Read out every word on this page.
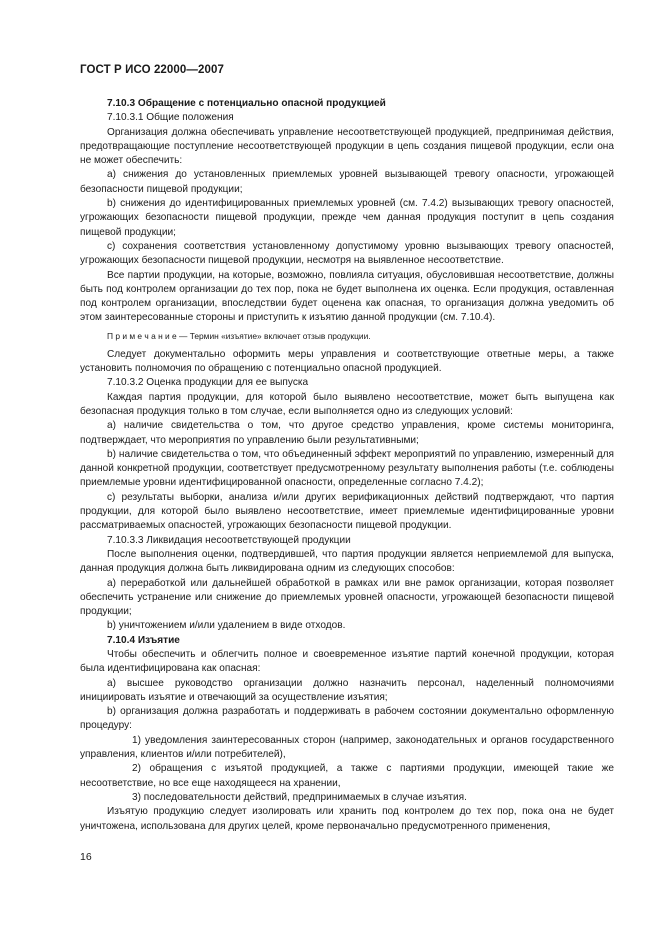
ГОСТ Р ИСО 22000—2007

7.10.3 Обращение с потенциально опасной продукцией

7.10.3.1 Общие положения

Организация должна обеспечивать управление несоответствующей продукцией, предпринимая действия, предотвращающие поступление несоответствующей продукции в цепь создания пищевой продукции, если она не может обеспечить:

a) снижения до установленных приемлемых уровней вызывающей тревогу опасности, угрожающей безопасности пищевой продукции;

b) снижения до идентифицированных приемлемых уровней (см. 7.4.2) вызывающих тревогу опасностей, угрожающих безопасности пищевой продукции, прежде чем данная продукция поступит в цепь создания пищевой продукции;

c) сохранения соответствия установленному допустимому уровню вызывающих тревогу опасностей, угрожающих безопасности пищевой продукции, несмотря на выявленное несоответствие.

Все партии продукции, на которые, возможно, повлияла ситуация, обусловившая несоответствие, должны быть под контролем организации до тех пор, пока не будет выполнена их оценка. Если продукция, оставленная под контролем организации, впоследствии будет оценена как опасная, то организация должна уведомить об этом заинтересованные стороны и приступить к изъятию данной продукции (см. 7.10.4).

П р и м е ч а н и е — Термин «изъятие» включает отзыв продукции.

Следует документально оформить меры управления и соответствующие ответные меры, а также установить полномочия по обращению с потенциально опасной продукцией.

7.10.3.2 Оценка продукции для ее выпуска

Каждая партия продукции, для которой было выявлено несоответствие, может быть выпущена как безопасная продукция только в том случае, если выполняется одно из следующих условий:

a) наличие свидетельства о том, что другое средство управления, кроме системы мониторинга, подтверждает, что мероприятия по управлению были результативными;

b) наличие свидетельства о том, что объединенный эффект мероприятий по управлению, измеренный для данной конкретной продукции, соответствует предусмотренному результату выполнения работы (т.е. соблюдены приемлемые уровни идентифицированной опасности, определенные согласно 7.4.2);

c) результаты выборки, анализа и/или других верификационных действий подтверждают, что партия продукции, для которой было выявлено несоответствие, имеет приемлемые идентифицированные уровни рассматриваемых опасностей, угрожающих безопасности пищевой продукции.

7.10.3.3 Ликвидация несоответствующей продукции

После выполнения оценки, подтвердившей, что партия продукции является неприемлемой для выпуска, данная продукция должна быть ликвидирована одним из следующих способов:

a) переработкой или дальнейшей обработкой в рамках или вне рамок организации, которая позволяет обеспечить устранение или снижение до приемлемых уровней опасности, угрожающей безопасности пищевой продукции;

b) уничтожением и/или удалением в виде отходов.

7.10.4 Изъятие

Чтобы обеспечить и облегчить полное и своевременное изъятие партий конечной продукции, которая была идентифицирована как опасная:

a) высшее руководство организации должно назначить персонал, наделенный полномочиями инициировать изъятие и отвечающий за осуществление изъятия;

b) организация должна разработать и поддерживать в рабочем состоянии документально оформленную процедуру:

1) уведомления заинтересованных сторон (например, законодательных и органов государственного управления, клиентов и/или потребителей),

2) обращения с изъятой продукцией, а также с партиями продукции, имеющей такие же несоответствие, но все еще находящееся на хранении,

3) последовательности действий, предпринимаемых в случае изъятия.

Изъятую продукцию следует изолировать или хранить под контролем до тех пор, пока она не будет уничтожена, использована для других целей, кроме первоначально предусмотренного применения,

16
